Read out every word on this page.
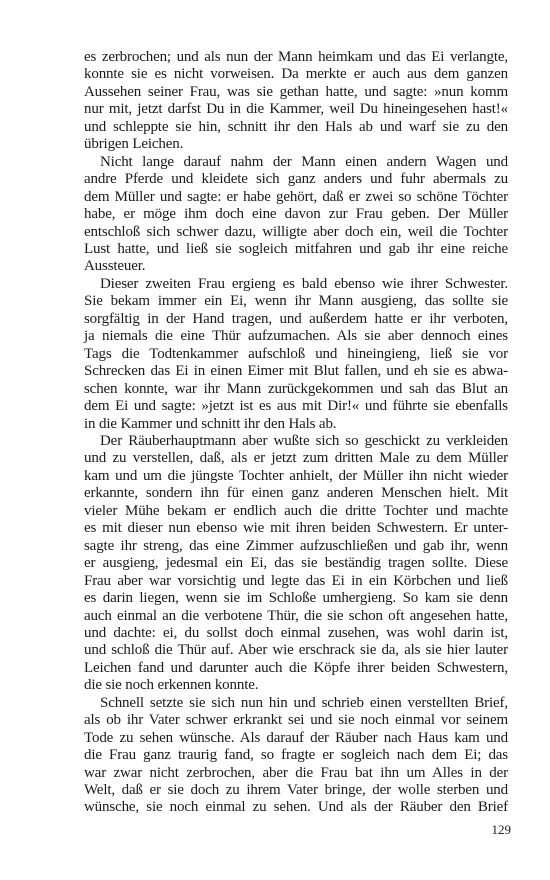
es zerbrochen; und als nun der Mann heimkam und das Ei verlangte,
konnte sie es nicht vorweisen. Da merkte er auch aus dem ganzen
Aussehen seiner Frau, was sie gethan hatte, und sagte: »nun komm
nur mit, jetzt darfst Du in die Kammer, weil Du hineingesehen hast!«
und schleppte sie hin, schnitt ihr den Hals ab und warf sie zu den
übrigen Leichen.
Nicht lange darauf nahm der Mann einen andern Wagen und
andre Pferde und kleidete sich ganz anders und fuhr abermals zu
dem Müller und sagte: er habe gehört, daß er zwei so schöne Töchter
habe, er möge ihm doch eine davon zur Frau geben. Der Müller
entschloß sich schwer dazu, willigte aber doch ein, weil die Tochter
Lust hatte, und ließ sie sogleich mitfahren und gab ihr eine reiche
Aussteuer.
Dieser zweiten Frau ergieng es bald ebenso wie ihrer Schwester.
Sie bekam immer ein Ei, wenn ihr Mann ausgieng, das sollte sie
sorgfältig in der Hand tragen, und außerdem hatte er ihr verboten,
ja niemals die eine Thür aufzumachen. Als sie aber dennoch eines
Tags die Todtenkammer aufschloß und hineingieng, ließ sie vor
Schrecken das Ei in einen Eimer mit Blut fallen, und eh sie es abwa-
schen konnte, war ihr Mann zurückgekommen und sah das Blut an
dem Ei und sagte: »jetzt ist es aus mit Dir!« und führte sie ebenfalls
in die Kammer und schnitt ihr den Hals ab.
Der Räuberhauptmann aber wußte sich so geschickt zu verkleiden
und zu verstellen, daß, als er jetzt zum dritten Male zu dem Müller
kam und um die jüngste Tochter anhielt, der Müller ihn nicht wieder
erkannte, sondern ihn für einen ganz anderen Menschen hielt. Mit
vieler Mühe bekam er endlich auch die dritte Tochter und machte
es mit dieser nun ebenso wie mit ihren beiden Schwestern. Er unter-
sagte ihr streng, das eine Zimmer aufzuschließen und gab ihr, wenn
er ausgieng, jedesmal ein Ei, das sie beständig tragen sollte. Diese
Frau aber war vorsichtig und legte das Ei in ein Körbchen und ließ
es darin liegen, wenn sie im Schloße umhergieng. So kam sie denn
auch einmal an die verbotene Thür, die sie schon oft angesehen hatte,
und dachte: ei, du sollst doch einmal zusehen, was wohl darin ist,
und schloß die Thür auf. Aber wie erschrack sie da, als sie hier lauter
Leichen fand und darunter auch die Köpfe ihrer beiden Schwestern,
die sie noch erkennen konnte.
Schnell setzte sie sich nun hin und schrieb einen verstellten Brief,
als ob ihr Vater schwer erkrankt sei und sie noch einmal vor seinem
Tode zu sehen wünsche. Als darauf der Räuber nach Haus kam und
die Frau ganz traurig fand, so fragte er sogleich nach dem Ei; das
war zwar nicht zerbrochen, aber die Frau bat ihn um Alles in der
Welt, daß er sie doch zu ihrem Vater bringe, der wolle sterben und
wünsche, sie noch einmal zu sehen. Und als der Räuber den Brief
129
